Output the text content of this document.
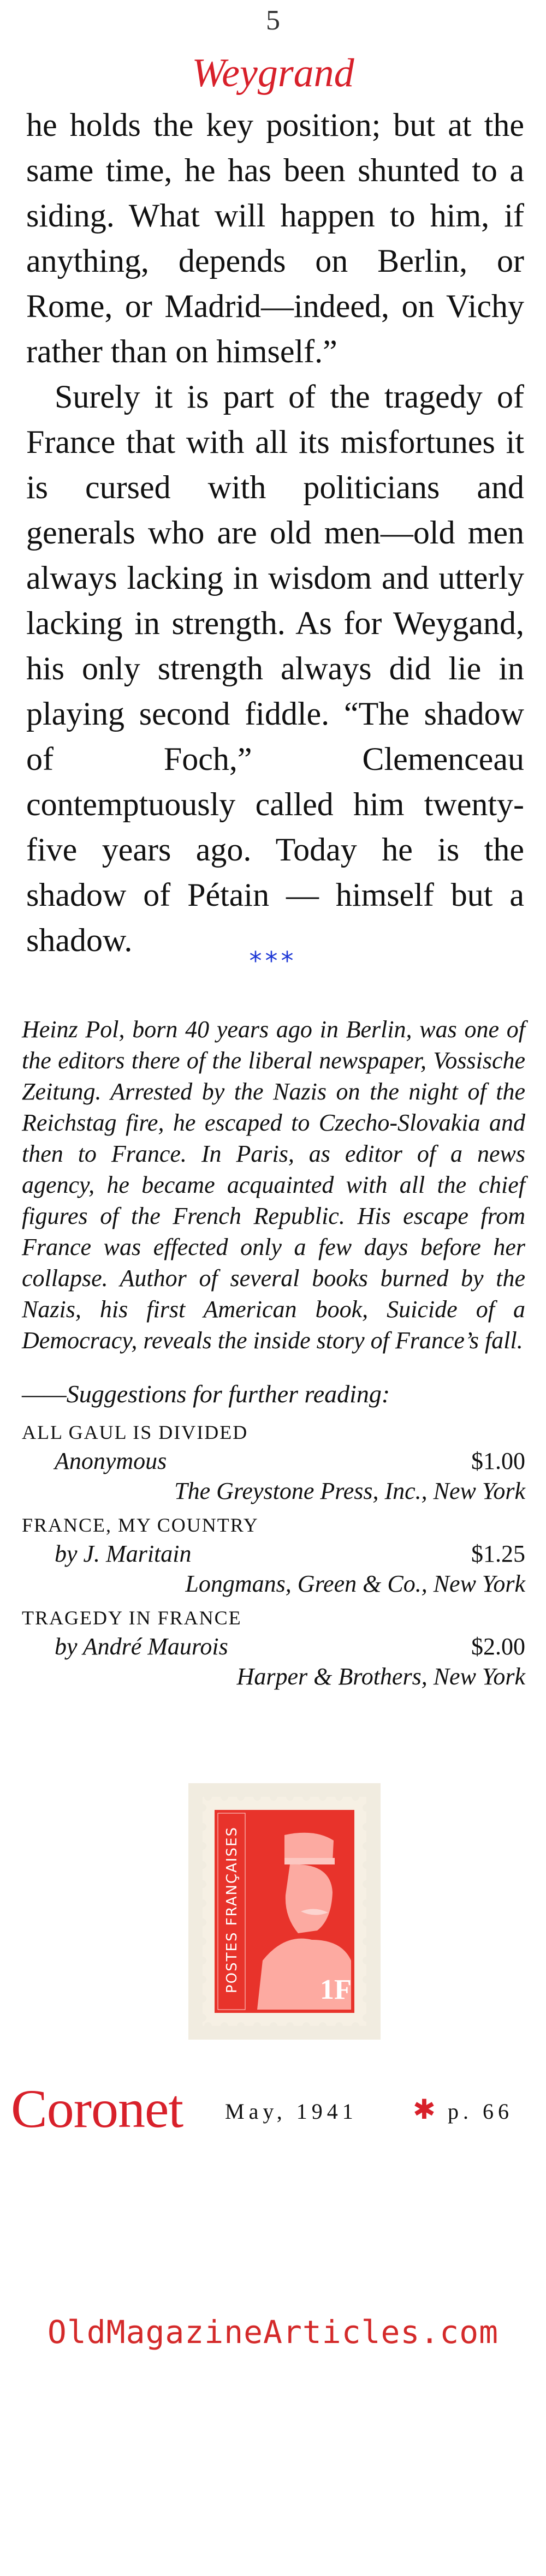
5
Weygrand

he holds the key position; but at the same time, he has been shunted to a siding. What will happen to him, if anything, depends on Berlin, or Rome, or Madrid—indeed, on Vichy rather than on himself.”

Surely it is part of the tragedy of France that with all its misfortunes it is cursed with politicians and generals who are old men—old men always lacking in wisdom and utterly lacking in strength. As for Weygand, his only strength always did lie in playing second fiddle. “The shadow of Foch,” Clemenceau contemptuously called him twenty-five years ago. Today he is the shadow of Pétain — himself but a shadow.

***
Heinz Pol, born 40 years ago in Berlin, was one of the editors there of the liberal newspaper, Vossische Zeitung. Arrested by the Nazis on the night of the Reichstag fire, he escaped to Czecho-Slovakia and then to France. In Paris, as editor of a news agency, he became acquainted with all the chief figures of the French Republic. His escape from France was effected only a few days before her collapse. Author of several books burned by the Nazis, his first American book, Suicide of a Democracy, reveals the inside story of France’s fall.
——Suggestions for further reading:
ALL GAUL IS DIVIDED
Anonymous	$1.00
The Greystone Press, Inc., New York
FRANCE, MY COUNTRY
by J. Maritain	$1.25
Longmans, Green & Co., New York
TRAGEDY IN FRANCE
by André Maurois	$2.00
Harper & Brothers, New York
POSTES FRANÇAISES	1F
Coronet May, 1941 ✱ p. 66
OldMagazineArticles.com
